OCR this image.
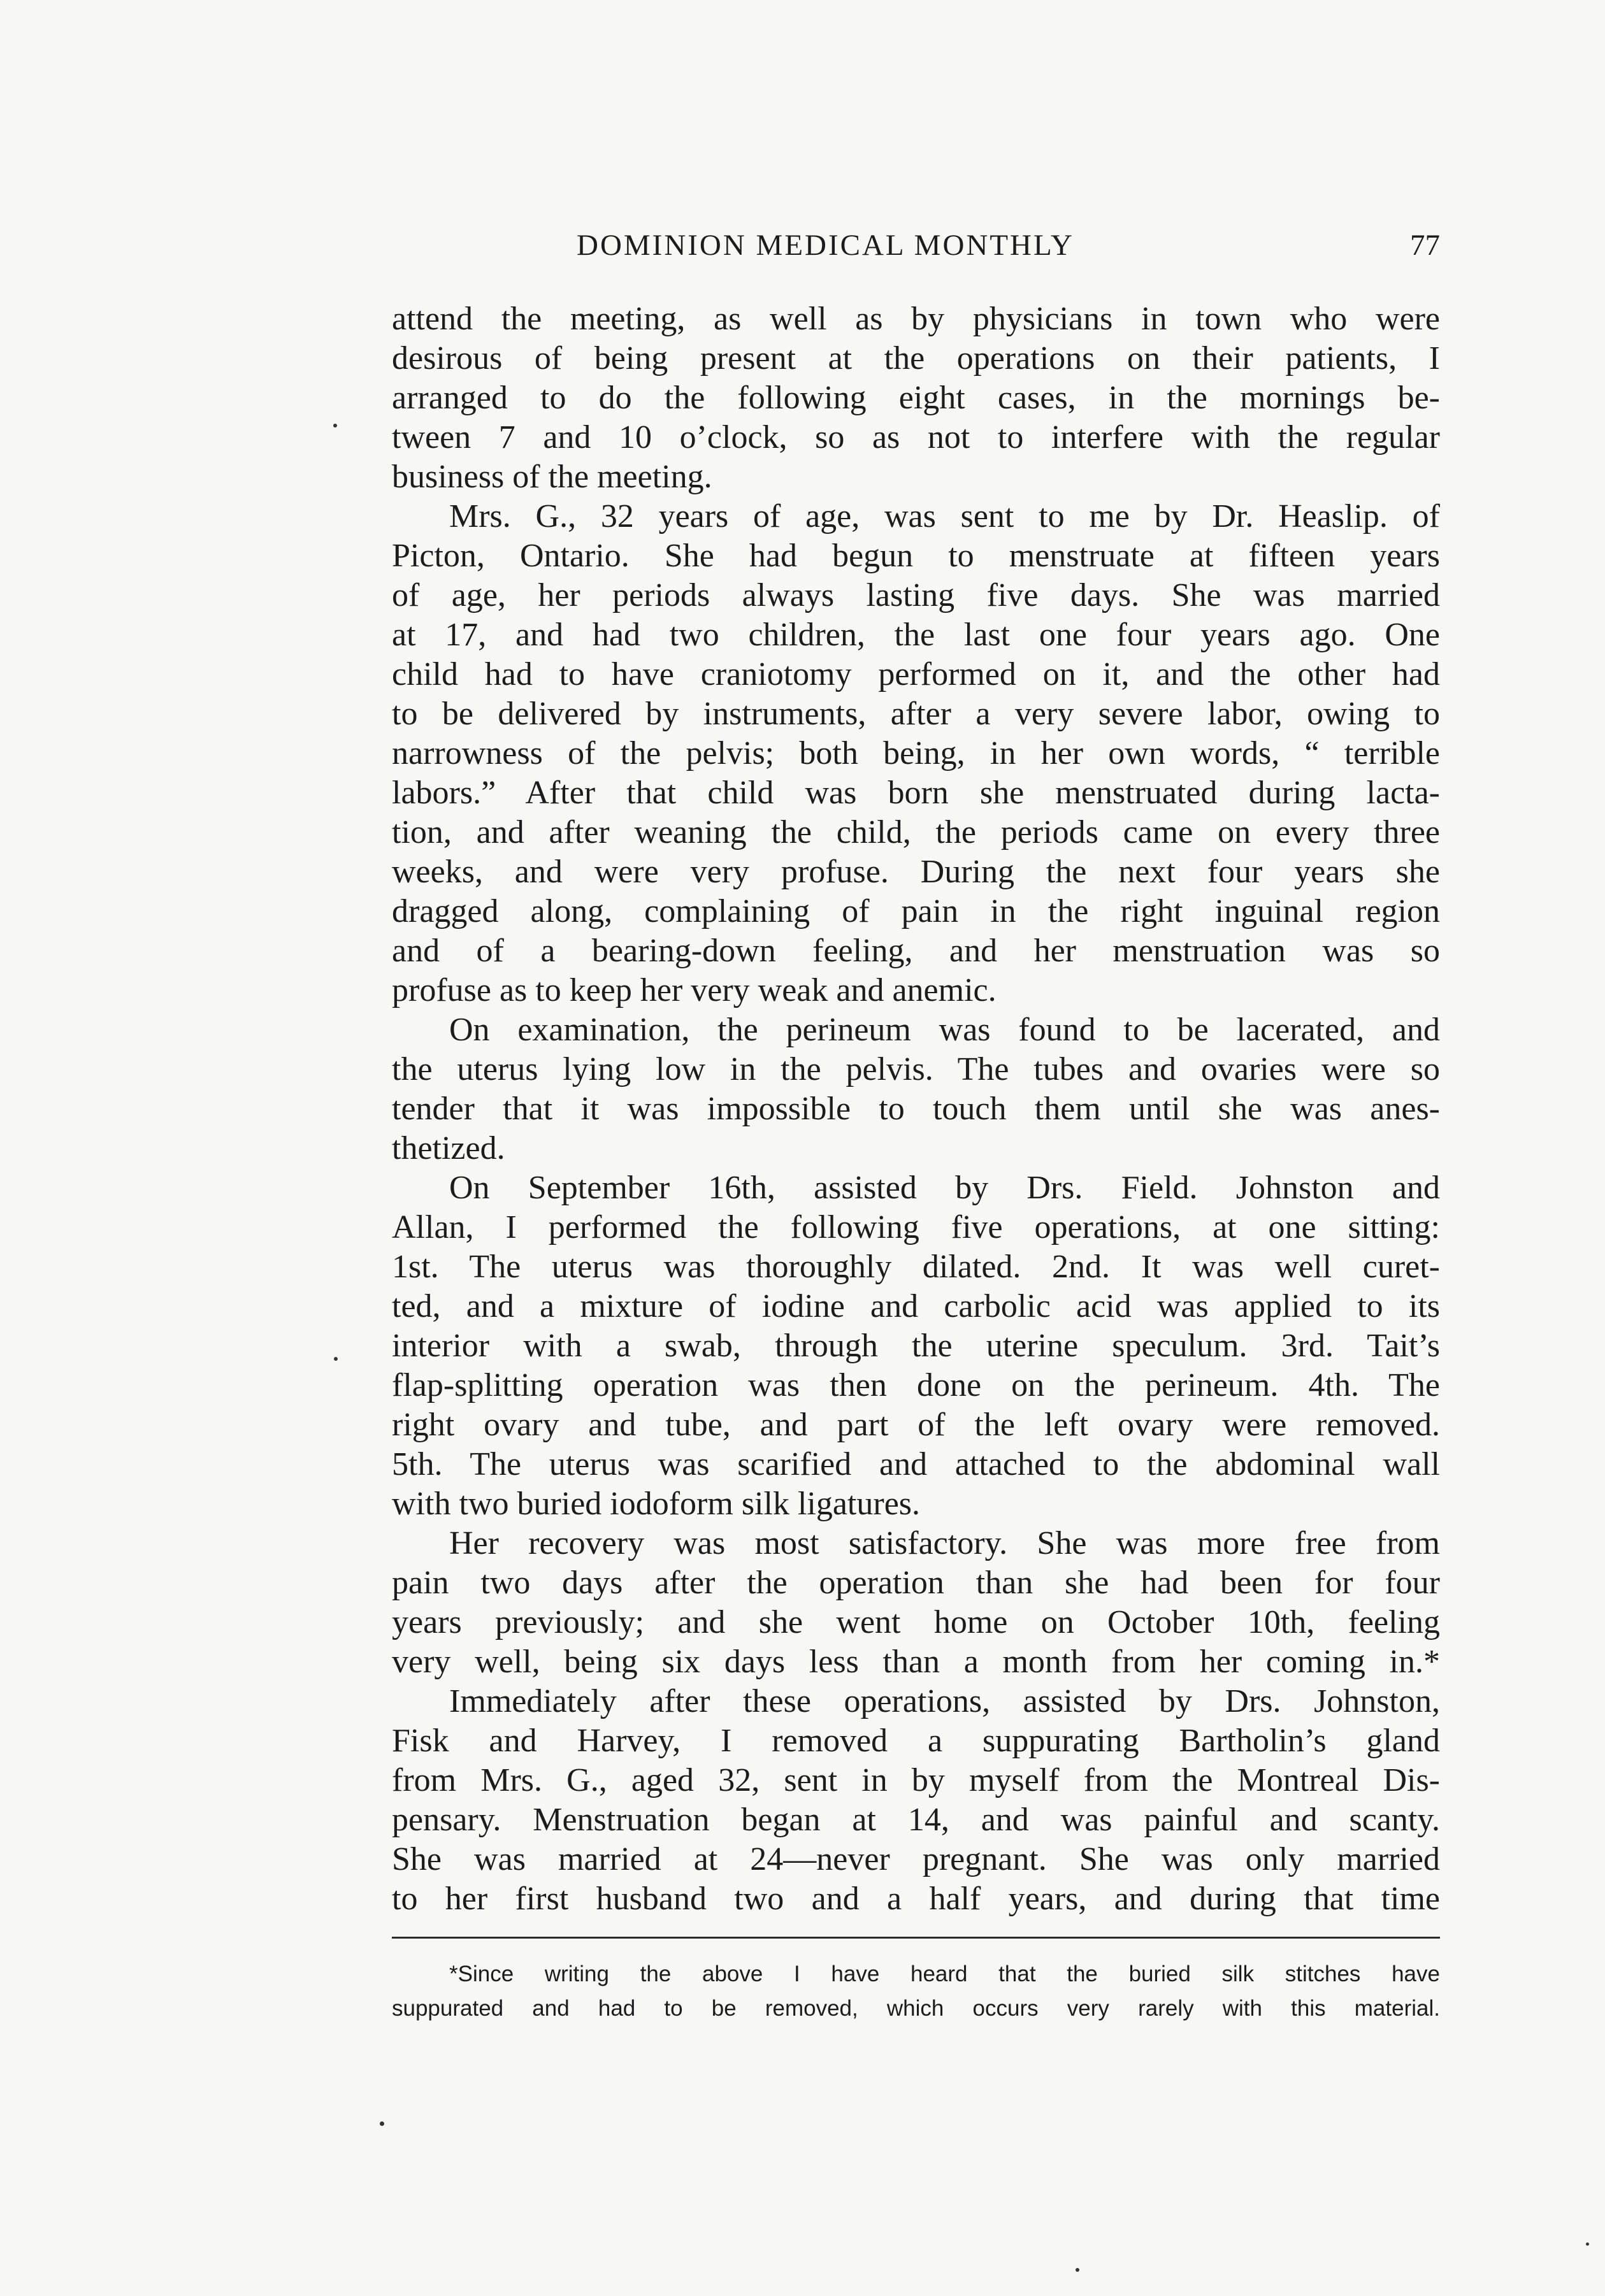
DOMINION MEDICAL MONTHLY	77
attend the meeting, as well as by physicians in town who were
desirous of being present at the operations on their patients, I
arranged to do the following eight cases, in the mornings be-
tween 7 and 10 o’clock, so as not to interfere with the regular
business of the meeting.
Mrs. G., 32 years of age, was sent to me by Dr. Heaslip. of
Picton, Ontario. She had begun to menstruate at fifteen years
of age, her periods always lasting five days. She was married
at 17, and had two children, the last one four years ago. One
child had to have craniotomy performed on it, and the other had
to be delivered by instruments, after a very severe labor, owing to
narrowness of the pelvis; both being, in her own words, “ terrible
labors.” After that child was born she menstruated during lacta-
tion, and after weaning the child, the periods came on every three
weeks, and were very profuse. During the next four years she
dragged along, complaining of pain in the right inguinal region
and of a bearing-down feeling, and her menstruation was so
profuse as to keep her very weak and anemic.
On examination, the perineum was found to be lacerated, and
the uterus lying low in the pelvis. The tubes and ovaries were so
tender that it was impossible to touch them until she was anes-
thetized.
On September 16th, assisted by Drs. Field. Johnston and
Allan, I performed the following five operations, at one sitting:
1st. The uterus was thoroughly dilated. 2nd. It was well curet-
ted, and a mixture of iodine and carbolic acid was applied to its
interior with a swab, through the uterine speculum. 3rd. Tait’s
flap-splitting operation was then done on the perineum. 4th. The
right ovary and tube, and part of the left ovary were removed.
5th. The uterus was scarified and attached to the abdominal wall
with two buried iodoform silk ligatures.
Her recovery was most satisfactory. She was more free from
pain two days after the operation than she had been for four
years previously; and she went home on October 10th, feeling
very well, being six days less than a month from her coming in.*
Immediately after these operations, assisted by Drs. Johnston,
Fisk and Harvey, I removed a suppurating Bartholin’s gland
from Mrs. G., aged 32, sent in by myself from the Montreal Dis-
pensary. Menstruation began at 14, and was painful and scanty.
She was married at 24—never pregnant. She was only married
to her first husband two and a half years, and during that time
*Since writing the above I have heard that the buried silk stitches have
suppurated and had to be removed, which occurs very rarely with this material.
